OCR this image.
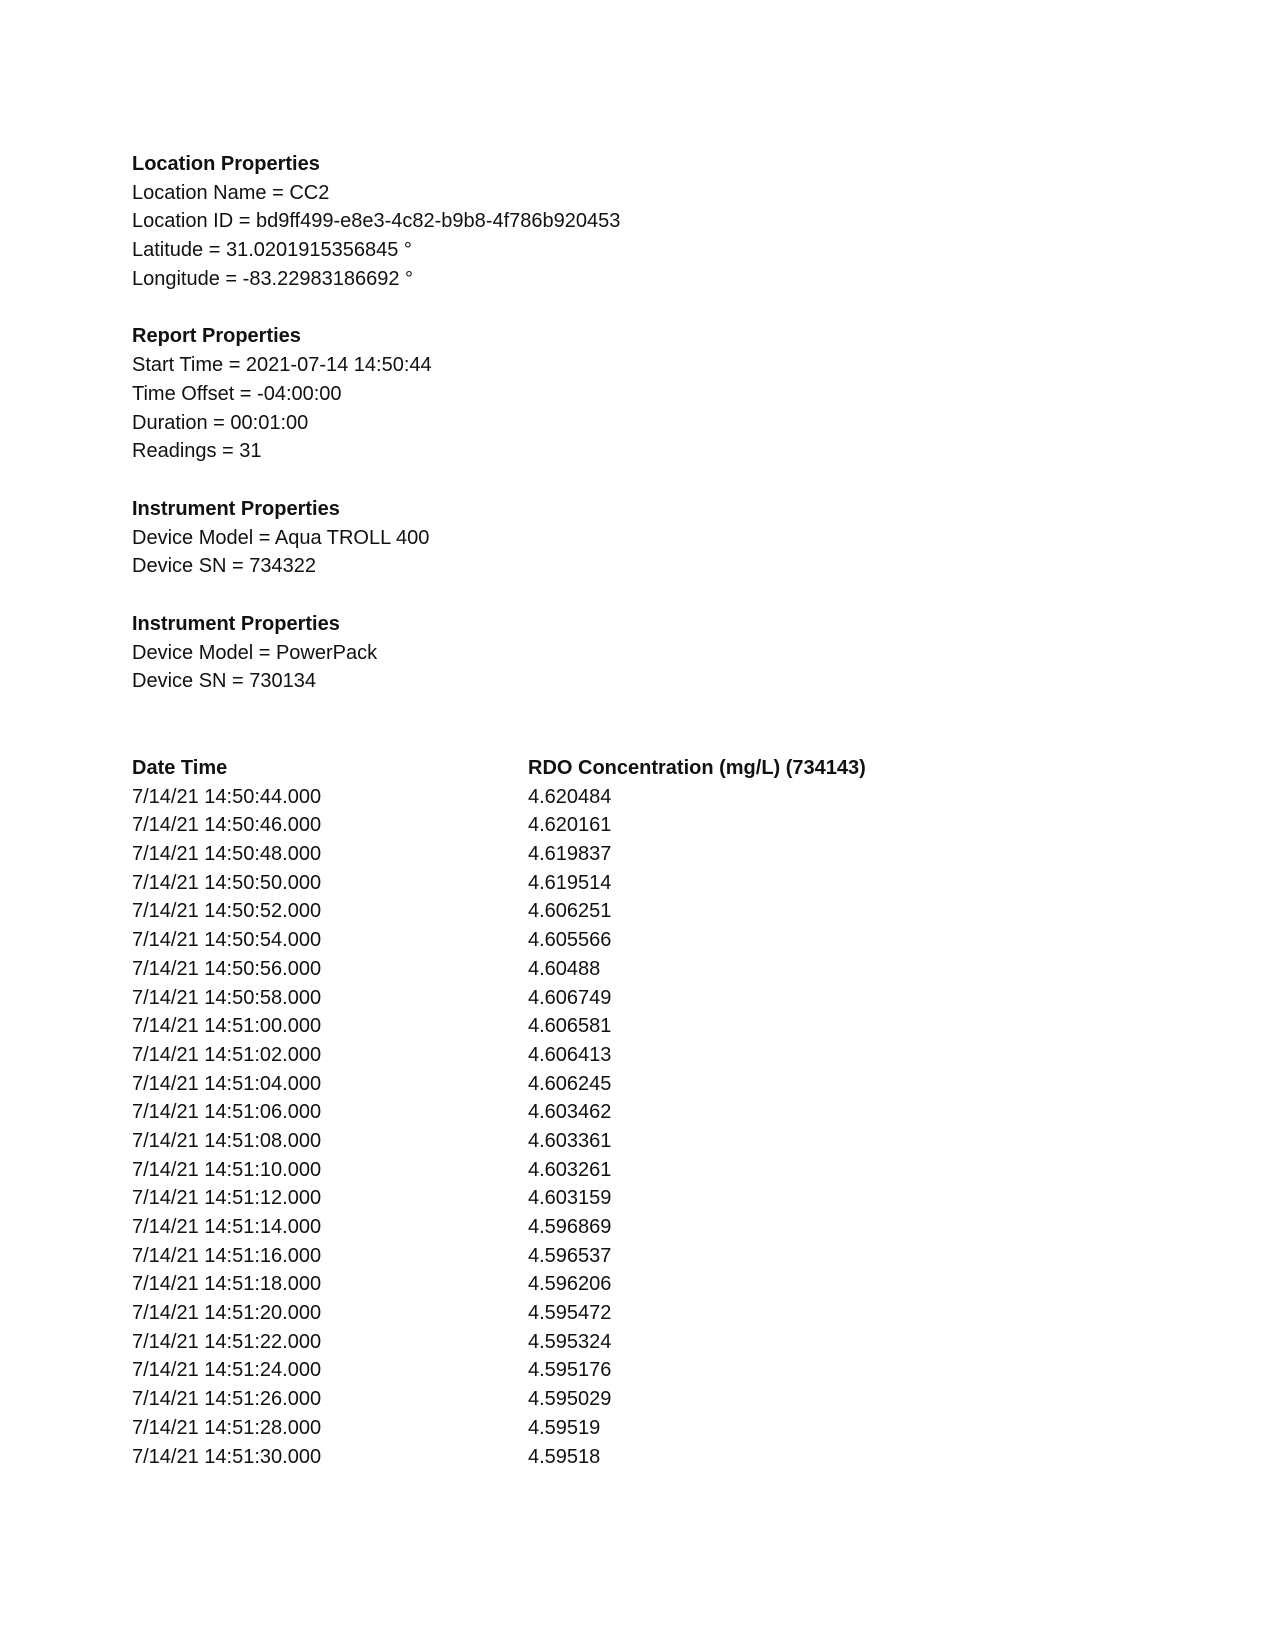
Location Properties
Location Name = CC2
Location ID = bd9ff499-e8e3-4c82-b9b8-4f786b920453
Latitude = 31.0201915356845 °
Longitude = -83.22983186692 °
Report Properties
Start Time = 2021-07-14 14:50:44
Time Offset = -04:00:00
Duration = 00:01:00
Readings = 31
Instrument Properties
Device Model = Aqua TROLL 400
Device SN = 734322
Instrument Properties
Device Model = PowerPack
Device SN = 730134
Date Time	RDO Concentration (mg/L) (734143)
7/14/21 14:50:44.000	4.620484
7/14/21 14:50:46.000	4.620161
7/14/21 14:50:48.000	4.619837
7/14/21 14:50:50.000	4.619514
7/14/21 14:50:52.000	4.606251
7/14/21 14:50:54.000	4.605566
7/14/21 14:50:56.000	4.60488
7/14/21 14:50:58.000	4.606749
7/14/21 14:51:00.000	4.606581
7/14/21 14:51:02.000	4.606413
7/14/21 14:51:04.000	4.606245
7/14/21 14:51:06.000	4.603462
7/14/21 14:51:08.000	4.603361
7/14/21 14:51:10.000	4.603261
7/14/21 14:51:12.000	4.603159
7/14/21 14:51:14.000	4.596869
7/14/21 14:51:16.000	4.596537
7/14/21 14:51:18.000	4.596206
7/14/21 14:51:20.000	4.595472
7/14/21 14:51:22.000	4.595324
7/14/21 14:51:24.000	4.595176
7/14/21 14:51:26.000	4.595029
7/14/21 14:51:28.000	4.59519
7/14/21 14:51:30.000	4.59518
